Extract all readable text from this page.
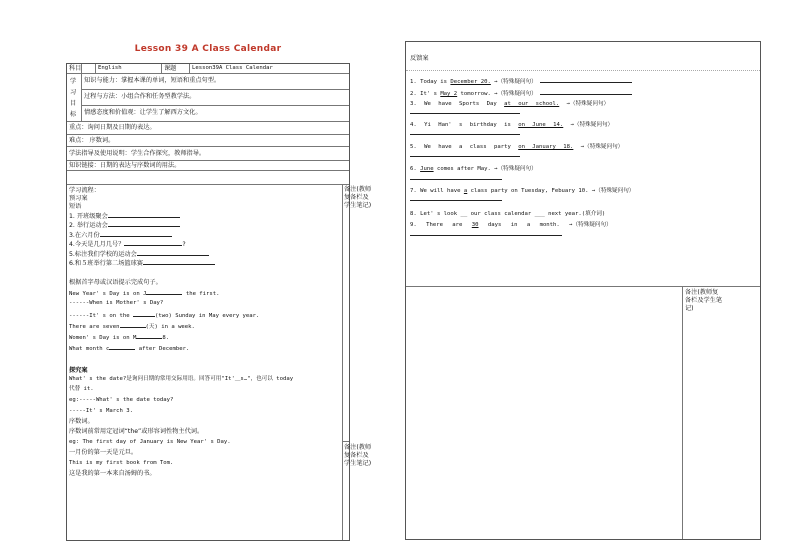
Lesson 39 A Class Calendar
科目	English	课题	Lesson39A Class Calendar
学习目标
知识与能力：掌握本课的单词，短语和重点句型。
过程与方法：小组合作和任务型教学法。
情感态度和价值观：让学生了解西方文化。
重点：询问日期及日期的表达。
难点： 序数词。
学法指导及使用说明：学生合作探究，教师指导。
知识链接：日期的表达与序数词的用法。
学习流程：
预习案
短语
1. 开班级聚会
2. 举行运动会
3.在六月份
4.今天是几月几号？	?
5.标注我们学校的运动会
6.和５班举行第二场篮球赛
根据首字母或汉语提示完成句子。
New Year' s Day is on J	the first.
------When is Mother' s Day?
------It' s on the	(two) Sunday in May every year.
There are seven	(天) in a week.
Women' s Day is on M	8.
What month c	after December.
探究案
What' s the date?是询问日期的常用交际用语。回答可用"It'＿s…"，也可以 today
代替 it.
eg:-----What' s the date today?
-----It' s March 3.
序数词。
序数词前常用定冠词“the”或形容词性物主代词。
eg: The first day of January is New Year' s Day.
一月份的第一天是元旦。
This is my first book from Tom.
这是我的第一本来自汤姆的书。
备注(教师复备栏及学生笔记)
备注(教师复备栏及学生笔记)
反馈案
1. Today is December 20. →（特殊疑问句）
2. It' s May 2 tomorrow. →（特殊疑问句）
3. We have Sports Day at our school. →（特殊疑问句）
4. Yi Han' s birthday is on June 14. →（特殊疑问句）
5. We have a class party on January 18. →（特殊疑问句）
6. June comes after May. →（特殊疑问句）
7. We will have a class party on Tuesday, Febuary 10. →（特殊疑问句）
8. Let' s look __ our class calendar ___ next year.(填介词)
9. There are 30 days in a month. →（特殊疑问句）
备注(教师复备栏及学生笔记)
